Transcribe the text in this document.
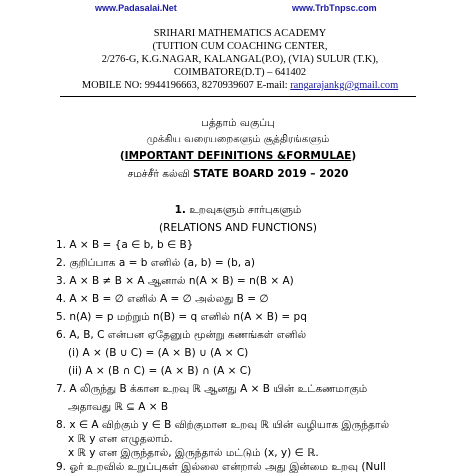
www.Padasalai.Net	www.TrbTnpsc.com
SRIHARI MATHEMATICS ACADEMY
(TUITION CUM COACHING CENTER,
2/276-G, K.G.NAGAR, KALANGAL(P.O), (VIA) SULUR (T.K),
COIMBATORE(D.T) – 641402
MOBILE NO: 9944196663, 8270939607 E-mail: rangarajankg@gmail.com
பத்தாம் வகுப்பு
முக்கிய வரையறைகளும் சூத்திரங்களும்
(IMPORTANT DEFINITIONS &FORMULAE)
சமச்சீர் கல்வி STATE BOARD 2019 – 2020
1. உறவுகளும் சார்புகளும்
(RELATIONS AND FUNCTIONS)
1. A × B = {a ∈ b, b ∈ B}
2. குறிப்பாக a = b எனில் (a, b) = (b, a)
3. A × B ≠ B × A ஆனால் n(A × B) = n(B × A)
4. A × B = ∅ எனில் A = ∅ அல்லது B = ∅
5. n(A) = p மற்றும் n(B) = q எனில் n(A × B) = pq
6. A, B, C என்பன ஏதேனும் மூன்று கணங்கள் எனில்
(i) A × (B ∪ C) = (A × B) ∪ (A × C)
(ii) A × (B ∩ C) = (A × B) ∩ (A × C)
7. A லிருந்து B க்கான உறவு ℝ ஆனது A × B யின் உட்கணமாகும்
அதாவது ℝ ⊆ A × B
8. x ∈ A விற்கும் y ∈ B விற்குமான உறவு ℝ யின் வழியாக இருந்தால்
x ℝ y என எழுதலாம்.
x ℝ y என இருந்தால், இருந்தால் மட்டும் (x, y) ∈ ℝ.
9. ஓர் உறவில் உறுப்புகள் இல்லை என்றால் அது இன்மை உறவு (Null
